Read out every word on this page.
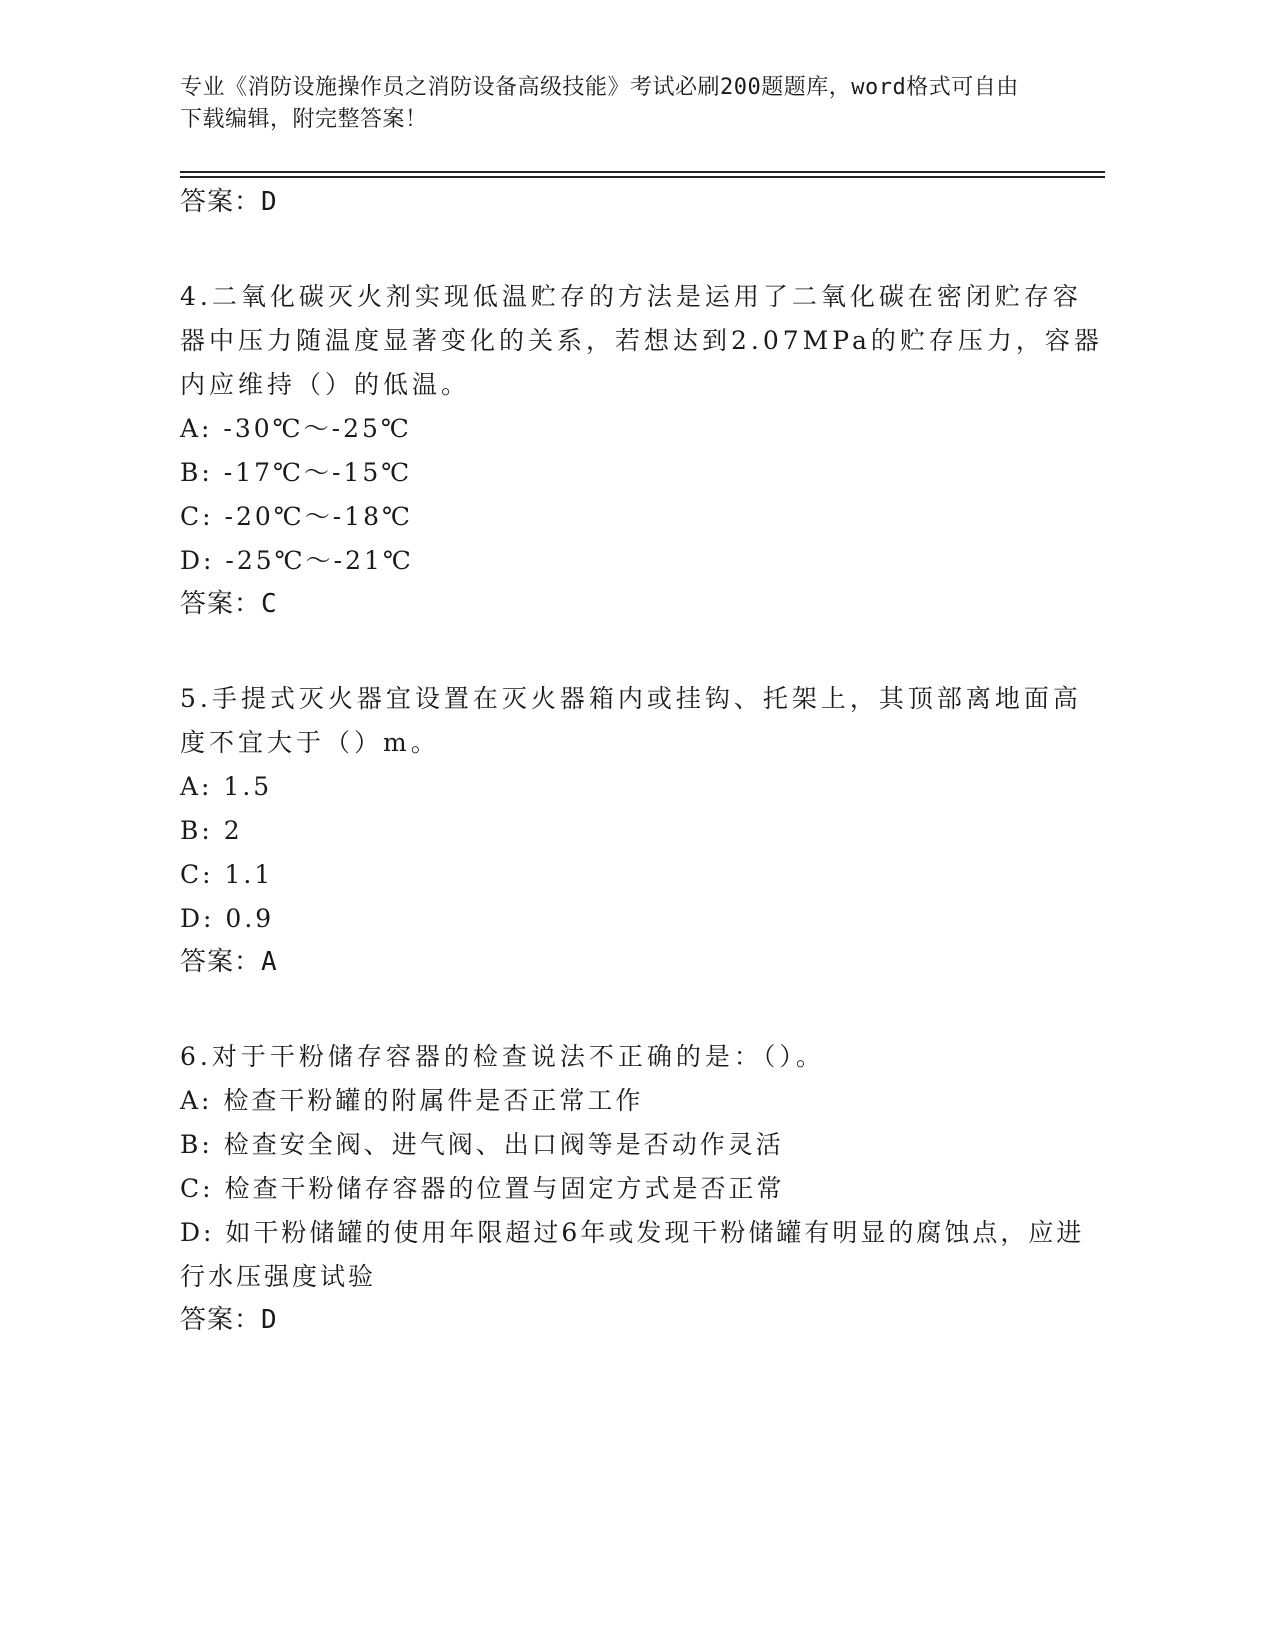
专业《消防设施操作员之消防设备高级技能》考试必刷200题题库，word格式可自由下载编辑，附完整答案！
答案：D

4.二氧化碳灭火剂实现低温贮存的方法是运用了二氧化碳在密闭贮存容器中压力随温度显著变化的关系，若想达到2.07MPa的贮存压力，容器内应维持（）的低温。

A: -30℃～-25℃
B: -17℃～-15℃
C: -20℃～-18℃
D: -25℃～-21℃
答案：C

5.手提式灭火器宜设置在灭火器箱内或挂钩、托架上，其顶部离地面高度不宜大于（）m。

A: 1.5
B: 2
C: 1.1
D: 0.9
答案：A

6.对于干粉储存容器的检查说法不正确的是：（）。

A: 检查干粉罐的附属件是否正常工作
B: 检查安全阀、进气阀、出口阀等是否动作灵活
C: 检查干粉储存容器的位置与固定方式是否正常
D: 如干粉储罐的使用年限超过6年或发现干粉储罐有明显的腐蚀点，应进行水压强度试验
答案：D
